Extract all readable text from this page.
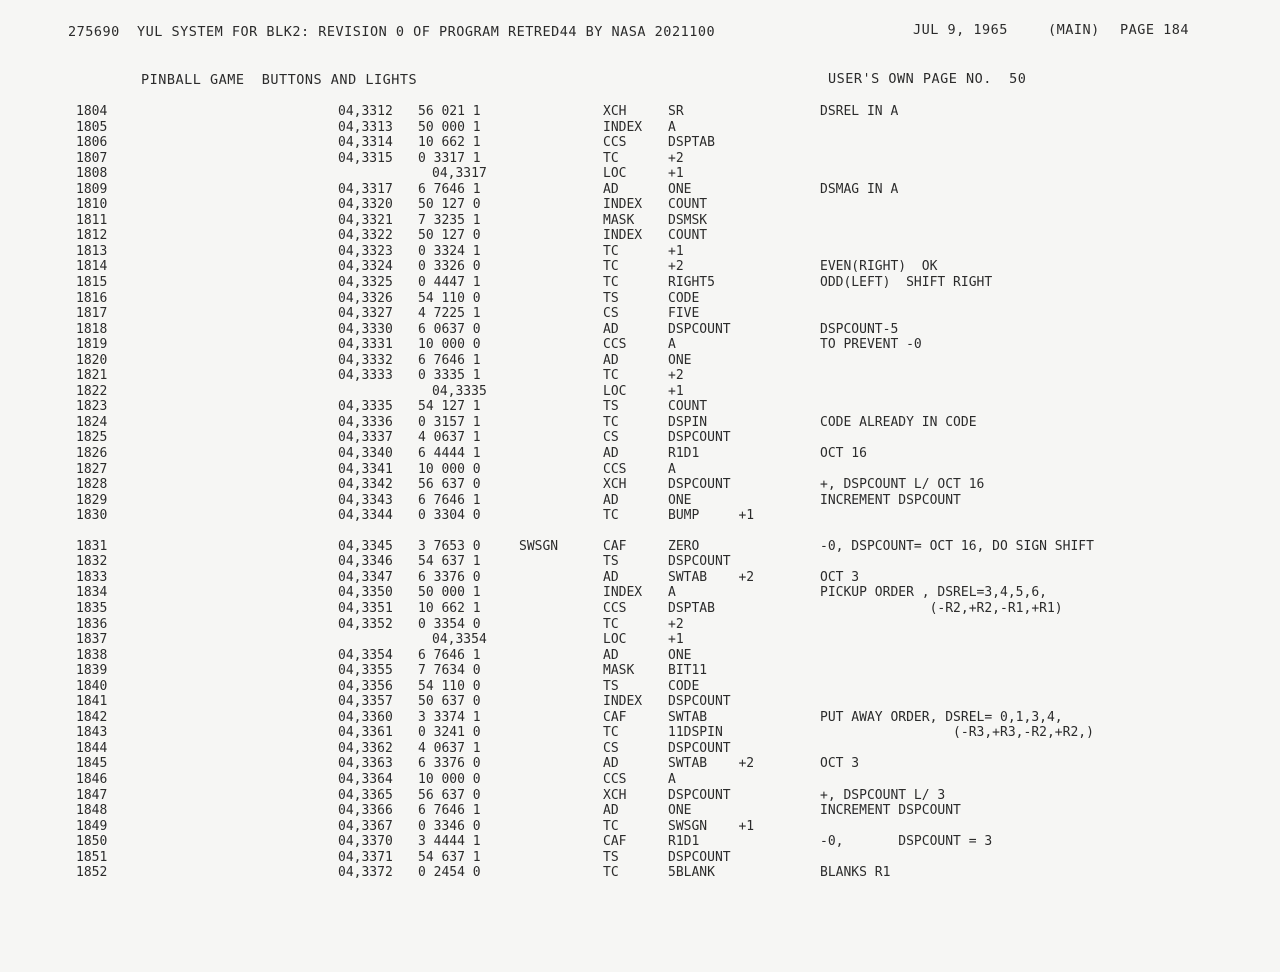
275690  YUL SYSTEM FOR BLK2: REVISION 0 OF PROGRAM RETRED44 BY NASA 2021100	JUL 9, 1965	(MAIN) PAGE 184
PINBALL GAME  BUTTONS AND LIGHTS	USER'S OWN PAGE NO.  50
1804	04,3312 56 021 1	XCH	SR	DSREL IN A
1805	04,3313 50 000 1	INDEX A
1806	04,3314 10 662 1	CCS	DSPTAB
1807	04,3315 0 3317 1	TC	+2
1808	04,3317	LOC	+1
1809	04,3317 6 7646 1	AD	ONE	DSMAG IN A
1810	04,3320 50 127 0	INDEX COUNT
1811	04,3321 7 3235 1	MASK	DSMSK
1812	04,3322 50 127 0	INDEX COUNT
1813	04,3323 0 3324 1	TC	+1
1814	04,3324 0 3326 0	TC	+2	EVEN(RIGHT)  OK
1815	04,3325 0 4447 1	TC	RIGHT5	ODD(LEFT)  SHIFT RIGHT
1816	04,3326 54 110 0	TS	CODE
1817	04,3327 4 7225 1	CS	FIVE
1818	04,3330 6 0637 0	AD	DSPCOUNT	DSPCOUNT-5
1819	04,3331 10 000 0	CCS	A	TO PREVENT -0
1820	04,3332 6 7646 1	AD	ONE
1821	04,3333 0 3335 1	TC	+2
1822	04,3335	LOC	+1
1823	04,3335 54 127 1	TS	COUNT
1824	04,3336 0 3157 1	TC	DSPIN	CODE ALREADY IN CODE
1825	04,3337 4 0637 1	CS	DSPCOUNT
1826	04,3340 6 4444 1	AD	R1D1	OCT 16
1827	04,3341 10 000 0	CCS	A
1828	04,3342 56 637 0	XCH	DSPCOUNT	+, DSPCOUNT L/ OCT 16
1829	04,3343 6 7646 1	AD	ONE	INCREMENT DSPCOUNT
1830	04,3344 0 3304 0	TC	BUMP     +1
1831	04,3345 3 7653 0	SWSGN	CAF	ZERO	-0, DSPCOUNT= OCT 16, DO SIGN SHIFT
1832	04,3346 54 637 1	TS	DSPCOUNT
1833	04,3347 6 3376 0	AD	SWTAB    +2	OCT 3
1834	04,3350 50 000 1	INDEX A	PICKUP ORDER , DSREL=3,4,5,6,
1835	04,3351 10 662 1	CCS	DSPTAB	(-R2,+R2,-R1,+R1)
1836	04,3352 0 3354 0	TC	+2
1837	04,3354	LOC	+1
1838	04,3354 6 7646 1	AD	ONE
1839	04,3355 7 7634 0	MASK	BIT11
1840	04,3356 54 110 0	TS	CODE
1841	04,3357 50 637 0	INDEX DSPCOUNT
1842	04,3360 3 3374 1	CAF	SWTAB	PUT AWAY ORDER, DSREL= 0,1,3,4,
1843	04,3361 0 3241 0	TC	11DSPIN	(-R3,+R3,-R2,+R2,)
1844	04,3362 4 0637 1	CS	DSPCOUNT
1845	04,3363 6 3376 0	AD	SWTAB    +2	OCT 3
1846	04,3364 10 000 0	CCS	A
1847	04,3365 56 637 0	XCH	DSPCOUNT	+, DSPCOUNT L/ 3
1848	04,3366 6 7646 1	AD	ONE	INCREMENT DSPCOUNT
1849	04,3367 0 3346 0	TC	SWSGN    +1
1850	04,3370 3 4444 1	CAF	R1D1	-0,       DSPCOUNT = 3
1851	04,3371 54 637 1	TS	DSPCOUNT
1852	04,3372 0 2454 0	TC	5BLANK	BLANKS R1
